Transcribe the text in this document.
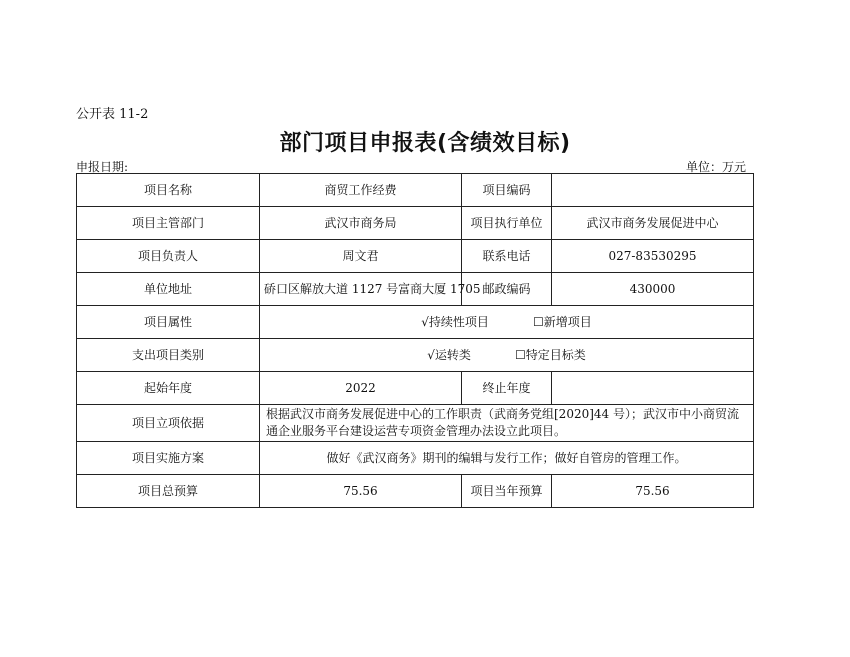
公开表 11-2
部门项目申报表(含绩效目标)
申报日期:	单位：万元
项目名称	商贸工作经费	项目编码	
项目主管部门	武汉市商务局	项目执行单位	武汉市商务发展促进中心
项目负责人	周文君	联系电话	027-83530295
单位地址	硚口区解放大道 1127 号富商大厦 1705	邮政编码	430000
项目属性	√持续性项目 ☐新增项目		
支出项目类别	√运转类 ☐特定目标类		
起始年度	2022	终止年度	
项目立项依据	根据武汉市商务发展促进中心的工作职责（武商务党组[2020]44 号）；武汉市中小商贸流通企业服务平台建设运营专项资金管理办法设立此项目。		
项目实施方案	做好《武汉商务》期刊的编辑与发行工作；做好自管房的管理工作。		
项目总预算	75.56	项目当年预算	75.56
